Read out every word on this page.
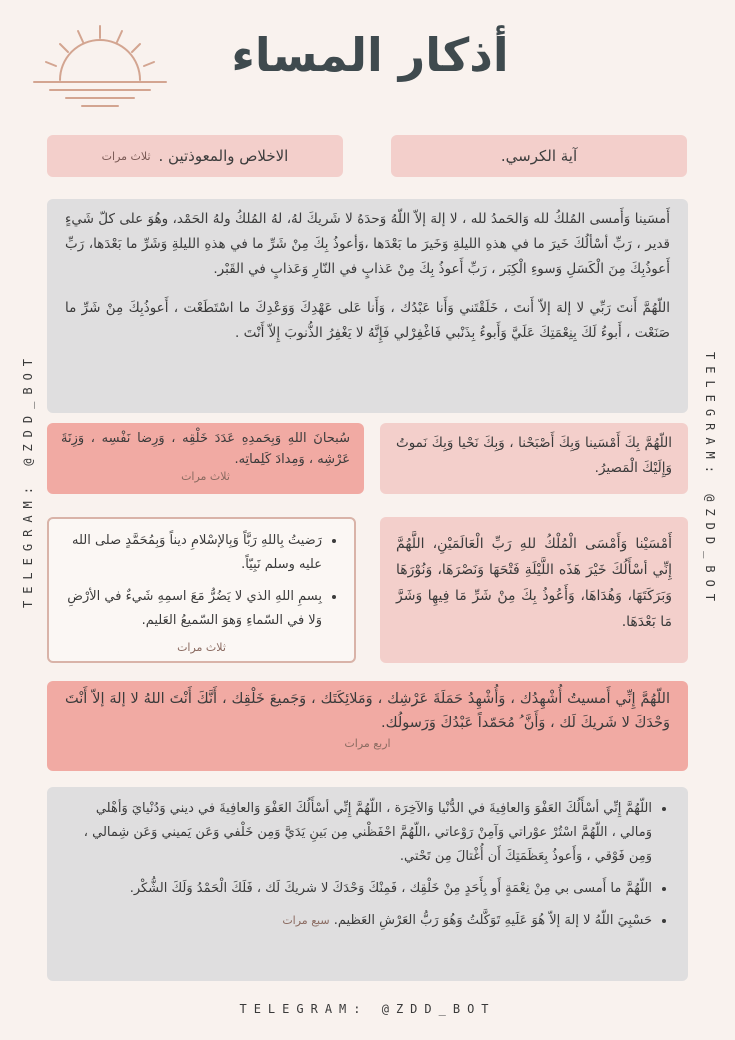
أذكار المساء
TELEGRAM: @ZDD_BOT	TELEGRAM: @ZDD_BOT
آية الكرسي.
الاخلاص والمعوذتين .
ثلاث مرات

أَمسَينا وَأَمسى المُلكُ لله وَالحَمدُ لله ، لا إلهَ إلاّ اللّهُ وَحدَهُ لا شَريكَ لهُ، لهُ المُلكُ ولهُ الحَمْد، وهُوَ على كلّ شَيءٍ قدير ، رَبِّ أسْألُكَ خَيرَ ما في هذهِ الليلةِ وَخَيرَ ما بَعْدَها ،وَأعوذُ بِكَ مِنْ شَرِّ ما في هذهِ الليلةِ وَشَرِّ ما بَعْدَها، رَبِّ أَعوذُبِكَ مِنَ الْكَسَلِ وَسوءِ الْكِبَر ، رَبِّ أَعوذُ بِكَ مِنْ عَذابٍ في النّارِ وَعَذابٍ في القَبْر.

اللّهُمَّ أَنتَ رَبِّي لا إلهَ إلاّ أَنتَ ، خَلَقْتَني وَأَنا عَبْدُك ، وَأَنا عَلى عَهْدِكَ وَوَعْدِكَ ما اسْتَطَعْت ، أَعوذُبِكَ مِنْ شَرِّ ما صَنَعْت ، أَبوءُ لَكَ بِنِعْمَتِكَ عَلَيَّ وَأَبوءُ بِذَنْبي فَاغْفِرْلي فَإِنَّهُ لا يَغْفِرُ الذُّنوبَ إِلاّ أَنْتَ .

اللّهُمَّ بِكَ أَمْسَينا وَبِكَ أَصْبَحْنا ، وَبِكَ نَحْيا وَبِكَ نَموتُ وَإِلَيْكَ الْمَصيرُ.

سُبحانَ اللهِ وَبِحَمدِهِ عَدَدَ خَلْقِه ، وَرِضا نَفْسِه ، وَزِنَةَ عَرْشِه ، وَمِدادَ كَلِماتِه.

ثلاث مرات

أَمْسَيْنا وَأَمْسَى الْمُلْكُ للهِ رَبِّ الْعَالَمَيْنِ، اللَّهُمَّ إِنِّي أسْأَلُكَ خَيْرَ هَذَه اللَّيْلَةِ فَتْحَهَا وَنَصْرَهَا، وَنُوْرَهَا وَبَرَكَتَهَا، وَهُدَاهَا، وَأَعُوذُ بِكَ مِنْ شَرِّ مَا فِيهِا وَشَرَّ مَا بَعْدَهَا.

• رَضيتُ بِاللهِ رَبَّاً وَبِالإسْلامِ ديناً وَبِمُحَمَّدٍ صلى الله عليه وسلم نَبِيّاً.
• بِسمِ اللهِ الذي لا يَضُرُّ مَعَ اسمِهِ شَيءٌ في الأرْضِ وَلا في السّماءِ وَهوَ السّميعُ العَليم.
ثلاث مرات

اللّهُمَّ إِنِّي أَمسيتُ أُشْهِدُك ، وَأُشْهِدُ حَمَلَةَ عَرْشِك ، وَمَلائِكَتَك ، وَجَميعَ خَلْقِك ، أَنَّكَ أَنْتَ اللهُ لا إلهَ إلاّ أَنْتَ وَحْدَكَ لا شَريكَ لَك ، وَأَنَّ ُ مُحَمّداً عَبْدُكَ وَرَسولُك.

اربع مرات
• اللّهُمَّ إِنِّي أسْأَلُكَ العَفْوَ وَالعافِيةَ في الدُّنْيا وَالآخِرَة ، اللّهُمَّ إِنِّي أسْأَلُكَ العَفْوَ وَالعافِيةَ في ديني وَدُنْيايَ وَأهْلي وَمالي ، اللّهُمَّ اسْتُرْ عوْراتي وَآمِنْ رَوْعاتي ،اللّهُمَّ احْفَظْني مِن بَينِ يَدَيَّ وَمِن خَلْفي وَعَن يَميني وَعَن شِمالي ، وَمِن فَوْقي ، وَأَعوذُ بِعَظَمَتِكَ أَن أُغْتالَ مِن تَحْتي.
• اللّهُمَّ ما أَمسى بي مِنْ نِعْمَةٍ أَو بِأَحَدٍ مِنْ خَلْقِك ، فَمِنْكَ وَحْدَكَ لا شريكَ لَك ، فَلَكَ الْحَمْدُ وَلَكَ الشُّكْر.
• حَسْبِيَ اللّهُ لا إلهَ إلاّ هُوَ عَلَيهِ تَوَكَّلتُ وَهُوَ رَبُّ العَرْشِ العَظيم. سبع مرات
TELEGRAM: @ZDD_BOT
